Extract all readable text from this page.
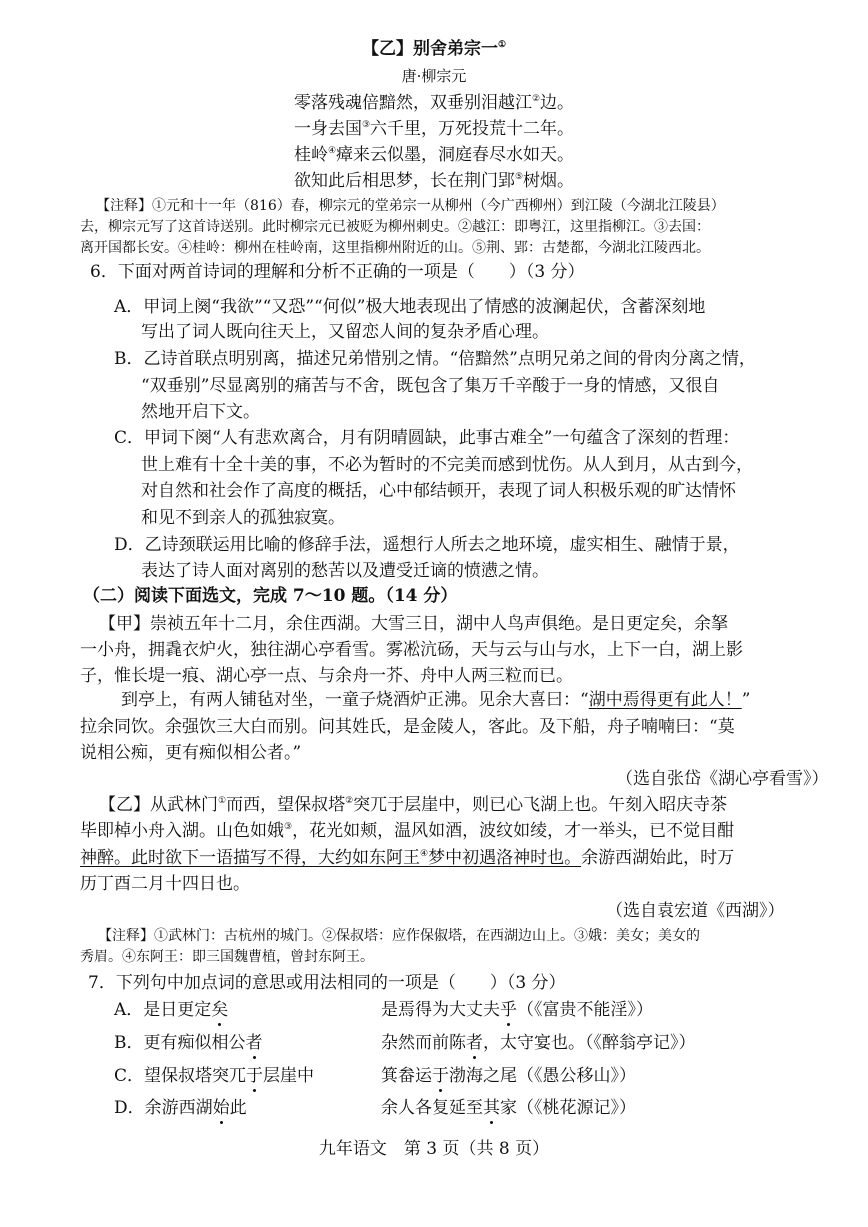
【乙】别舍弟宗一①
唐·柳宗元
零落残魂倍黯然，双垂别泪越江②边。
一身去国③六千里，万死投荒十二年。
桂岭④瘴来云似墨，洞庭春尽水如天。
欲知此后相思梦，长在荆门郢⑤树烟。
【注释】①元和十一年（816）春，柳宗元的堂弟宗一从柳州（今广西柳州）到江陵（今湖北江陵县）
去，柳宗元写了这首诗送别。此时柳宗元已被贬为柳州刺史。②越江：即粤江，这里指柳江。③去国：
离开国都长安。④桂岭：柳州在桂岭南，这里指柳州附近的山。⑤荆、郢：古楚都，今湖北江陵西北。
6．下面对两首诗词的理解和分析不正确的一项是（　　）（3 分）
A．甲词上阕“我欲”“又恐”“何似”极大地表现出了情感的波澜起伏，含蓄深刻地
写出了词人既向往天上，又留恋人间的复杂矛盾心理。
B．乙诗首联点明别离，描述兄弟惜别之情。“倍黯然”点明兄弟之间的骨肉分离之情，
“双垂别”尽显离别的痛苦与不舍，既包含了集万千辛酸于一身的情感，又很自
然地开启下文。
C．甲词下阕“人有悲欢离合，月有阴晴圆缺，此事古难全”一句蕴含了深刻的哲理：
世上难有十全十美的事，不必为暂时的不完美而感到忧伤。从人到月，从古到今，
对自然和社会作了高度的概括，心中郁结顿开，表现了词人积极乐观的旷达情怀
和见不到亲人的孤独寂寞。
D．乙诗颈联运用比喻的修辞手法，遥想行人所去之地环境，虚实相生、融情于景，
表达了诗人面对离别的愁苦以及遭受迁谪的愤懑之情。
（二）阅读下面选文，完成 7～10 题。（14 分）
【甲】崇祯五年十二月，余住西湖。大雪三日，湖中人鸟声俱绝。是日更定矣，余拏
一小舟，拥毳衣炉火，独往湖心亭看雪。雾凇沆砀，天与云与山与水，上下一白，湖上影
子，惟长堤一痕、湖心亭一点、与余舟一芥、舟中人两三粒而已。
到亭上，有两人铺毡对坐，一童子烧酒炉正沸。见余大喜曰：“湖中焉得更有此人！”
拉余同饮。余强饮三大白而别。问其姓氏，是金陵人，客此。及下船，舟子喃喃曰：“莫
说相公痴，更有痴似相公者。”
（选自张岱《湖心亭看雪》）
【乙】从武林门①而西，望保叔塔②突兀于层崖中，则已心飞湖上也。午刻入昭庆寺茶
毕即棹小舟入湖。山色如娥③，花光如颊，温风如酒，波纹如绫，才一举头，已不觉目酣
神醉。此时欲下一语描写不得，大约如东阿王④梦中初遇洛神时也。余游西湖始此，时万
历丁酉二月十四日也。
（选自袁宏道《西湖》）
【注释】①武林门：古杭州的城门。②保叔塔：应作保俶塔，在西湖边山上。③娥：美女；美女的
秀眉。④东阿王：即三国魏曹植，曾封东阿王。
7．下列句中加点词的意思或用法相同的一项是（　　）（3 分）
A．是日更定矣	是焉得为大丈夫乎（《富贵不能淫》）
B．更有痴似相公者	杂然而前陈者，太守宴也。（《醉翁亭记》）
C．望保叔塔突兀于层崖中	箕畚运于渤海之尾（《愚公移山》）
D．余游西湖始此	余人各复延至其家（《桃花源记》）
九年语文　第 3 页（共 8 页）
